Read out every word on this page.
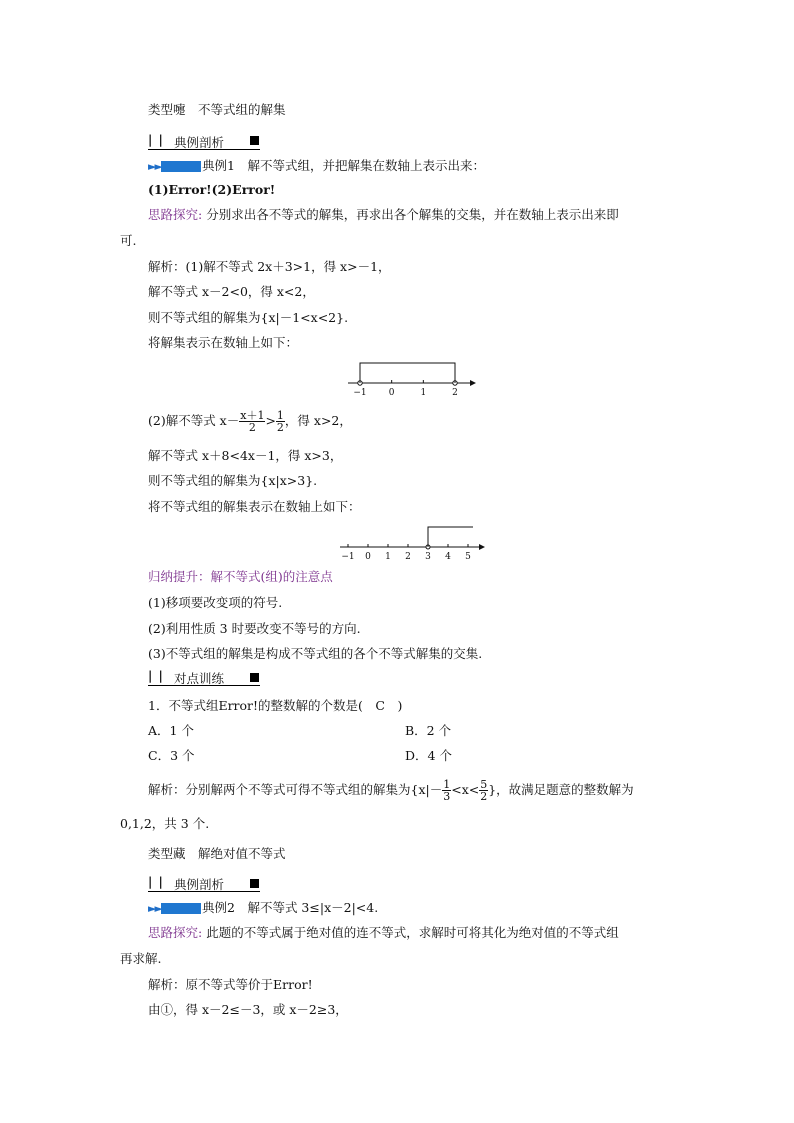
类型嚏　不等式组的解集
| | 典例剖析
►►	典例1　解不等式组，并把解集在数轴上表示出来：
(1)Error!(2)Error!
思路探究: 分别求出各不等式的解集，再求出各个解集的交集，并在数轴上表示出来即
可.
解析：(1)解不等式 2x＋3>1，得 x>－1，
解不等式 x－2<0，得 x<2，
则不等式组的解集为{x|－1<x<2}.
将解集表示在数轴上如下：
−1 0	1	2
(2)解不等式 $x- \frac{x+1}{2} > \frac{1}{2}$ ，得 x>2，
解不等式 x＋8<4x－1，得 x>3，
则不等式组的解集为{x|x>3}.
将不等式组的解集表示在数轴上如下：
−1 0 1 2 3 4 5
归纳提升：解不等式(组)的注意点
(1)移项要改变项的符号.
(2)利用性质 3 时要改变不等号的方向.
(3)不等式组的解集是构成不等式组的各个不等式解集的交集.
| | 对点训练
1．不等式组Error!的整数解的个数是(　C　)
A．1 个	B．2 个
C．3 个	D．4 个
解析：分别解两个不等式可得不等式组的解集为{$x|- \frac{1}{3} <x< \frac{5}{2}$ }，故满足题意的整数解为
0,1,2，共 3 个.
类型藏　解绝对值不等式
| | 典例剖析
►►	典例2　解不等式 3≤|x－2|<4.
思路探究: 此题的不等式属于绝对值的连不等式，求解时可将其化为绝对值的不等式组
再求解.
解析：原不等式等价于Error!
由①，得 x－2≤－3，或 x－2≥3，
